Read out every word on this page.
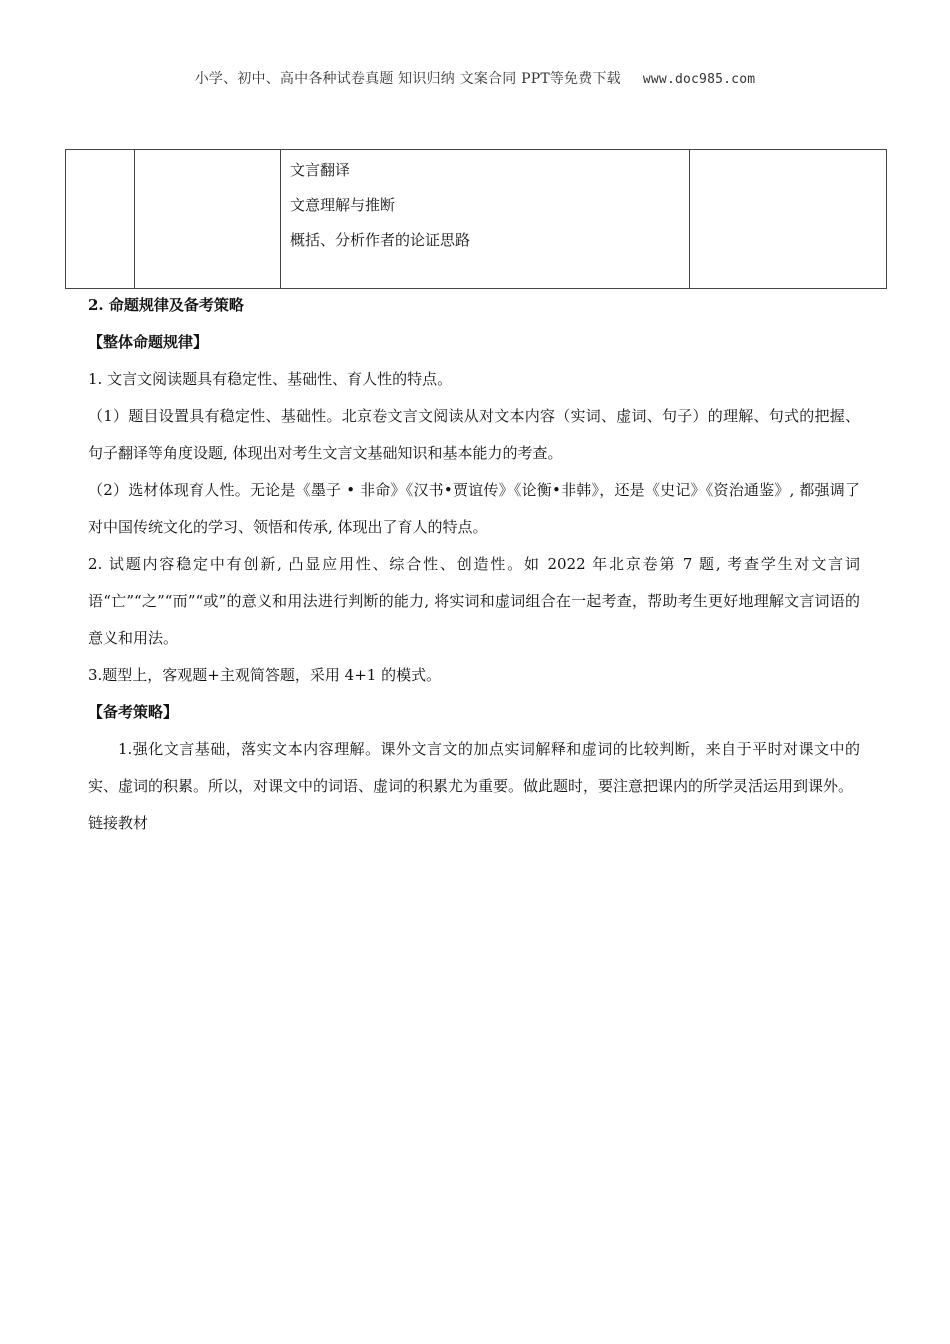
小学、初中、高中各种试卷真题 知识归纳 文案合同 PPT等免费下载 www.doc985.com

文言翻译
文意理解与推断
概括、分析作者的论证思路

2. 命题规律及备考策略

【整体命题规律】

1. 文言文阅读题具有稳定性、基础性、育人性的特点。

（1）题目设置具有稳定性、基础性。北京卷文言文阅读从对文本内容（实词、虚词、句子）的理解、句式的把握、句子翻译等角度设题, 体现出对考生文言文基础知识和基本能力的考查。

（2）选材体现育人性。无论是《墨子 • 非命》《汉书•贾谊传》《论衡•非韩》，还是《史记》《资治通鉴》, 都强调了对中国传统文化的学习、领悟和传承, 体现出了育人的特点。

2. 试题内容稳定中有创新, 凸显应用性、综合性、创造性。如 2022 年北京卷第 7 题, 考查学生对文言词语“亡”“之”“而”“或”的意义和用法进行判断的能力, 将实词和虚词组合在一起考查，帮助考生更好地理解文言词语的意义和用法。

3.题型上，客观题+主观简答题，采用 4+1 的模式。

【备考策略】

1.强化文言基础，落实文本内容理解。课外文言文的加点实词解释和虚词的比较判断，来自于平时对课文中的实、虚词的积累。所以，对课文中的词语、虚词的积累尤为重要。做此题时，要注意把课内的所学灵活运用到课外。

链接教材
